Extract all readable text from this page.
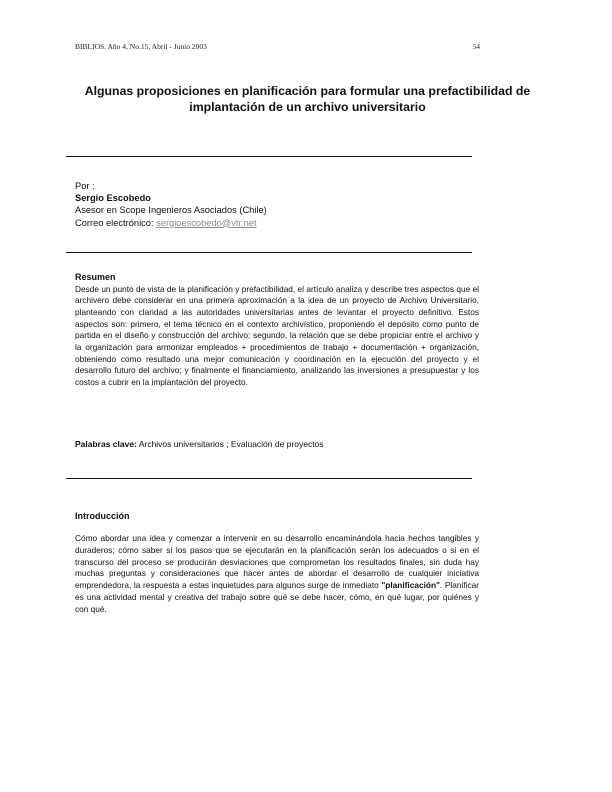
BIBLIOS. Año 4, No.15, Abril - Junio 2003	54
Algunas proposiciones en planificación para formular una prefactibilidad de implantación de un archivo universitario
Por :
Sergio Escobedo
Asesor en Scope Ingenieros Asociados (Chile)
Correo electrónico: sergioescobedo@vtr.net
Resumen
Desde un punto de vista de la planificación y prefactibilidad, el artículo analiza y describe tres aspectos que el archivero debe considerar en una primera aproximación a la idea de un proyecto de Archivo Universitario, planteando con claridad a las autoridades universitarias antes de levantar el proyecto definitivo. Estos aspectos son: primero, el tema técnico en el contexto archivístico, proponiendo el depósito como punto de partida en el diseño y construcción del archivo; segundo, la relación que se debe propiciar entre el archivo y la organización para armonizar empleados + procedimientos de trabajo + documentación + organización, obteniendo como resultado una mejor comunicación y coordinación en la ejecución del proyecto y el desarrollo futuro del archivo; y finalmente el financiamiento, analizando las inversiones a presupuestar y los costos a cubrir en la implantación del proyecto.
Palabras clave: Archivos universitarios ; Evaluación de proyectos
Introducción
Cómo abordar una idea y comenzar a intervenir en su desarrollo encaminándola hacia hechos tangibles y duraderos; cómo saber si los pasos que se ejecutarán en la planificación serán los adecuados o si en el transcurso del proceso se producirán desviaciones que comprometan los resultados finales, sin duda hay muchas preguntas y consideraciones que hacer antes de abordar el desarrollo de cualquier iniciativa emprendedora, la respuesta a estas inquietudes para algunos surge de inmediato "planificación". Planificar es una actividad mental y creativa del trabajo sobre qué se debe hacer, cómo, en qué lugar, por quiénes y con qué.
